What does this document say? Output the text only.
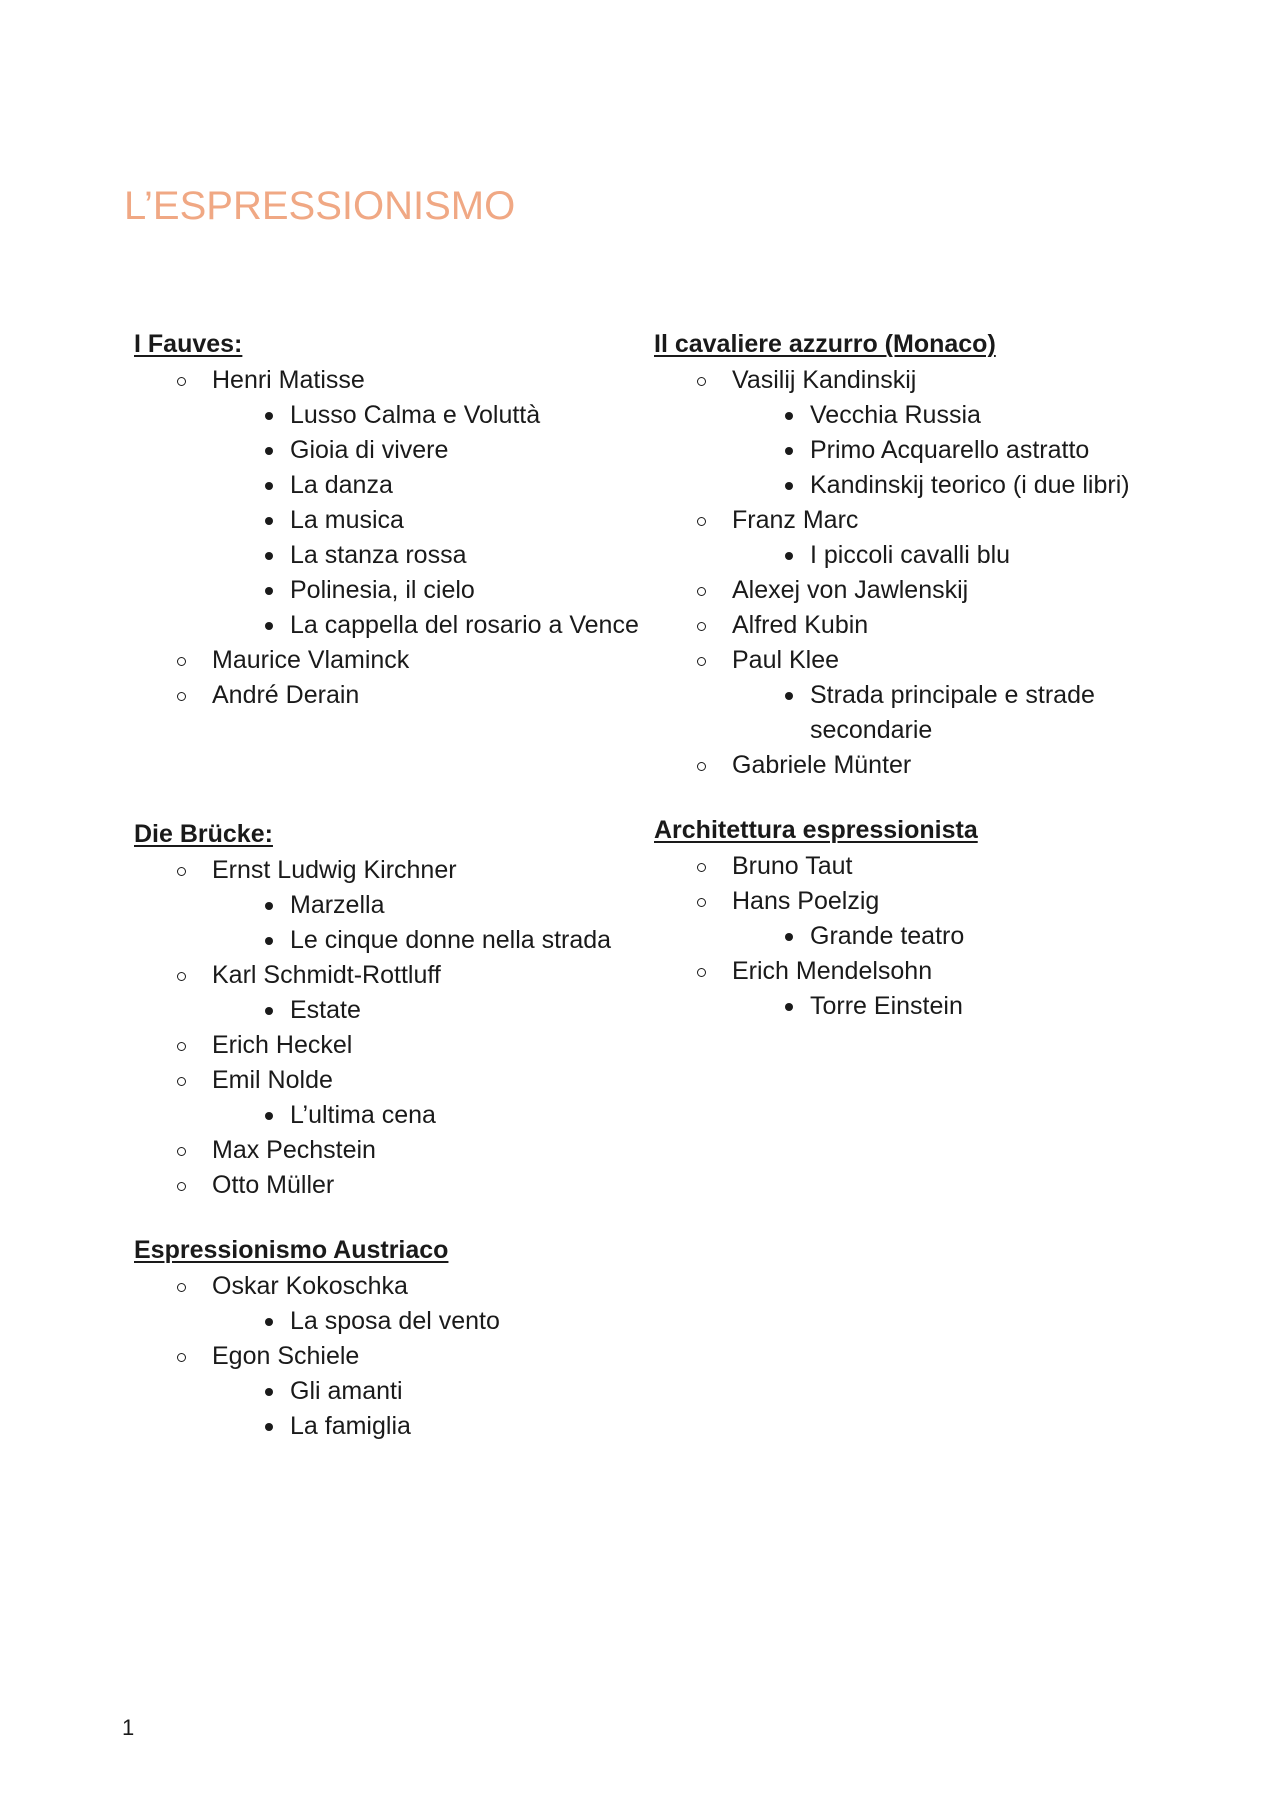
L’ESPRESSIONISMO
I Fauves:
Henri Matisse
Lusso Calma e Voluttà
Gioia di vivere
La danza
La musica
La stanza rossa
Polinesia, il cielo
La cappella del rosario a Vence
Maurice Vlaminck
André Derain
Die Brücke:
Ernst Ludwig Kirchner
Marzella
Le cinque donne nella strada
Karl Schmidt-Rottluff
Estate
Erich Heckel
Emil Nolde
L’ultima cena
Max Pechstein
Otto Müller
Espressionismo Austriaco
Oskar Kokoschka
La sposa del vento
Egon Schiele
Gli amanti
La famiglia
Il cavaliere azzurro (Monaco)
Vasilij Kandinskij
Vecchia Russia
Primo Acquarello astratto
Kandinskij teorico (i due libri)
Franz Marc
I piccoli cavalli blu
Alexej von Jawlenskij
Alfred Kubin
Paul Klee
Strada principale e strade secondarie
Gabriele Münter
Architettura espressionista
Bruno Taut
Hans Poelzig
Grande teatro
Erich Mendelsohn
Torre Einstein
1
